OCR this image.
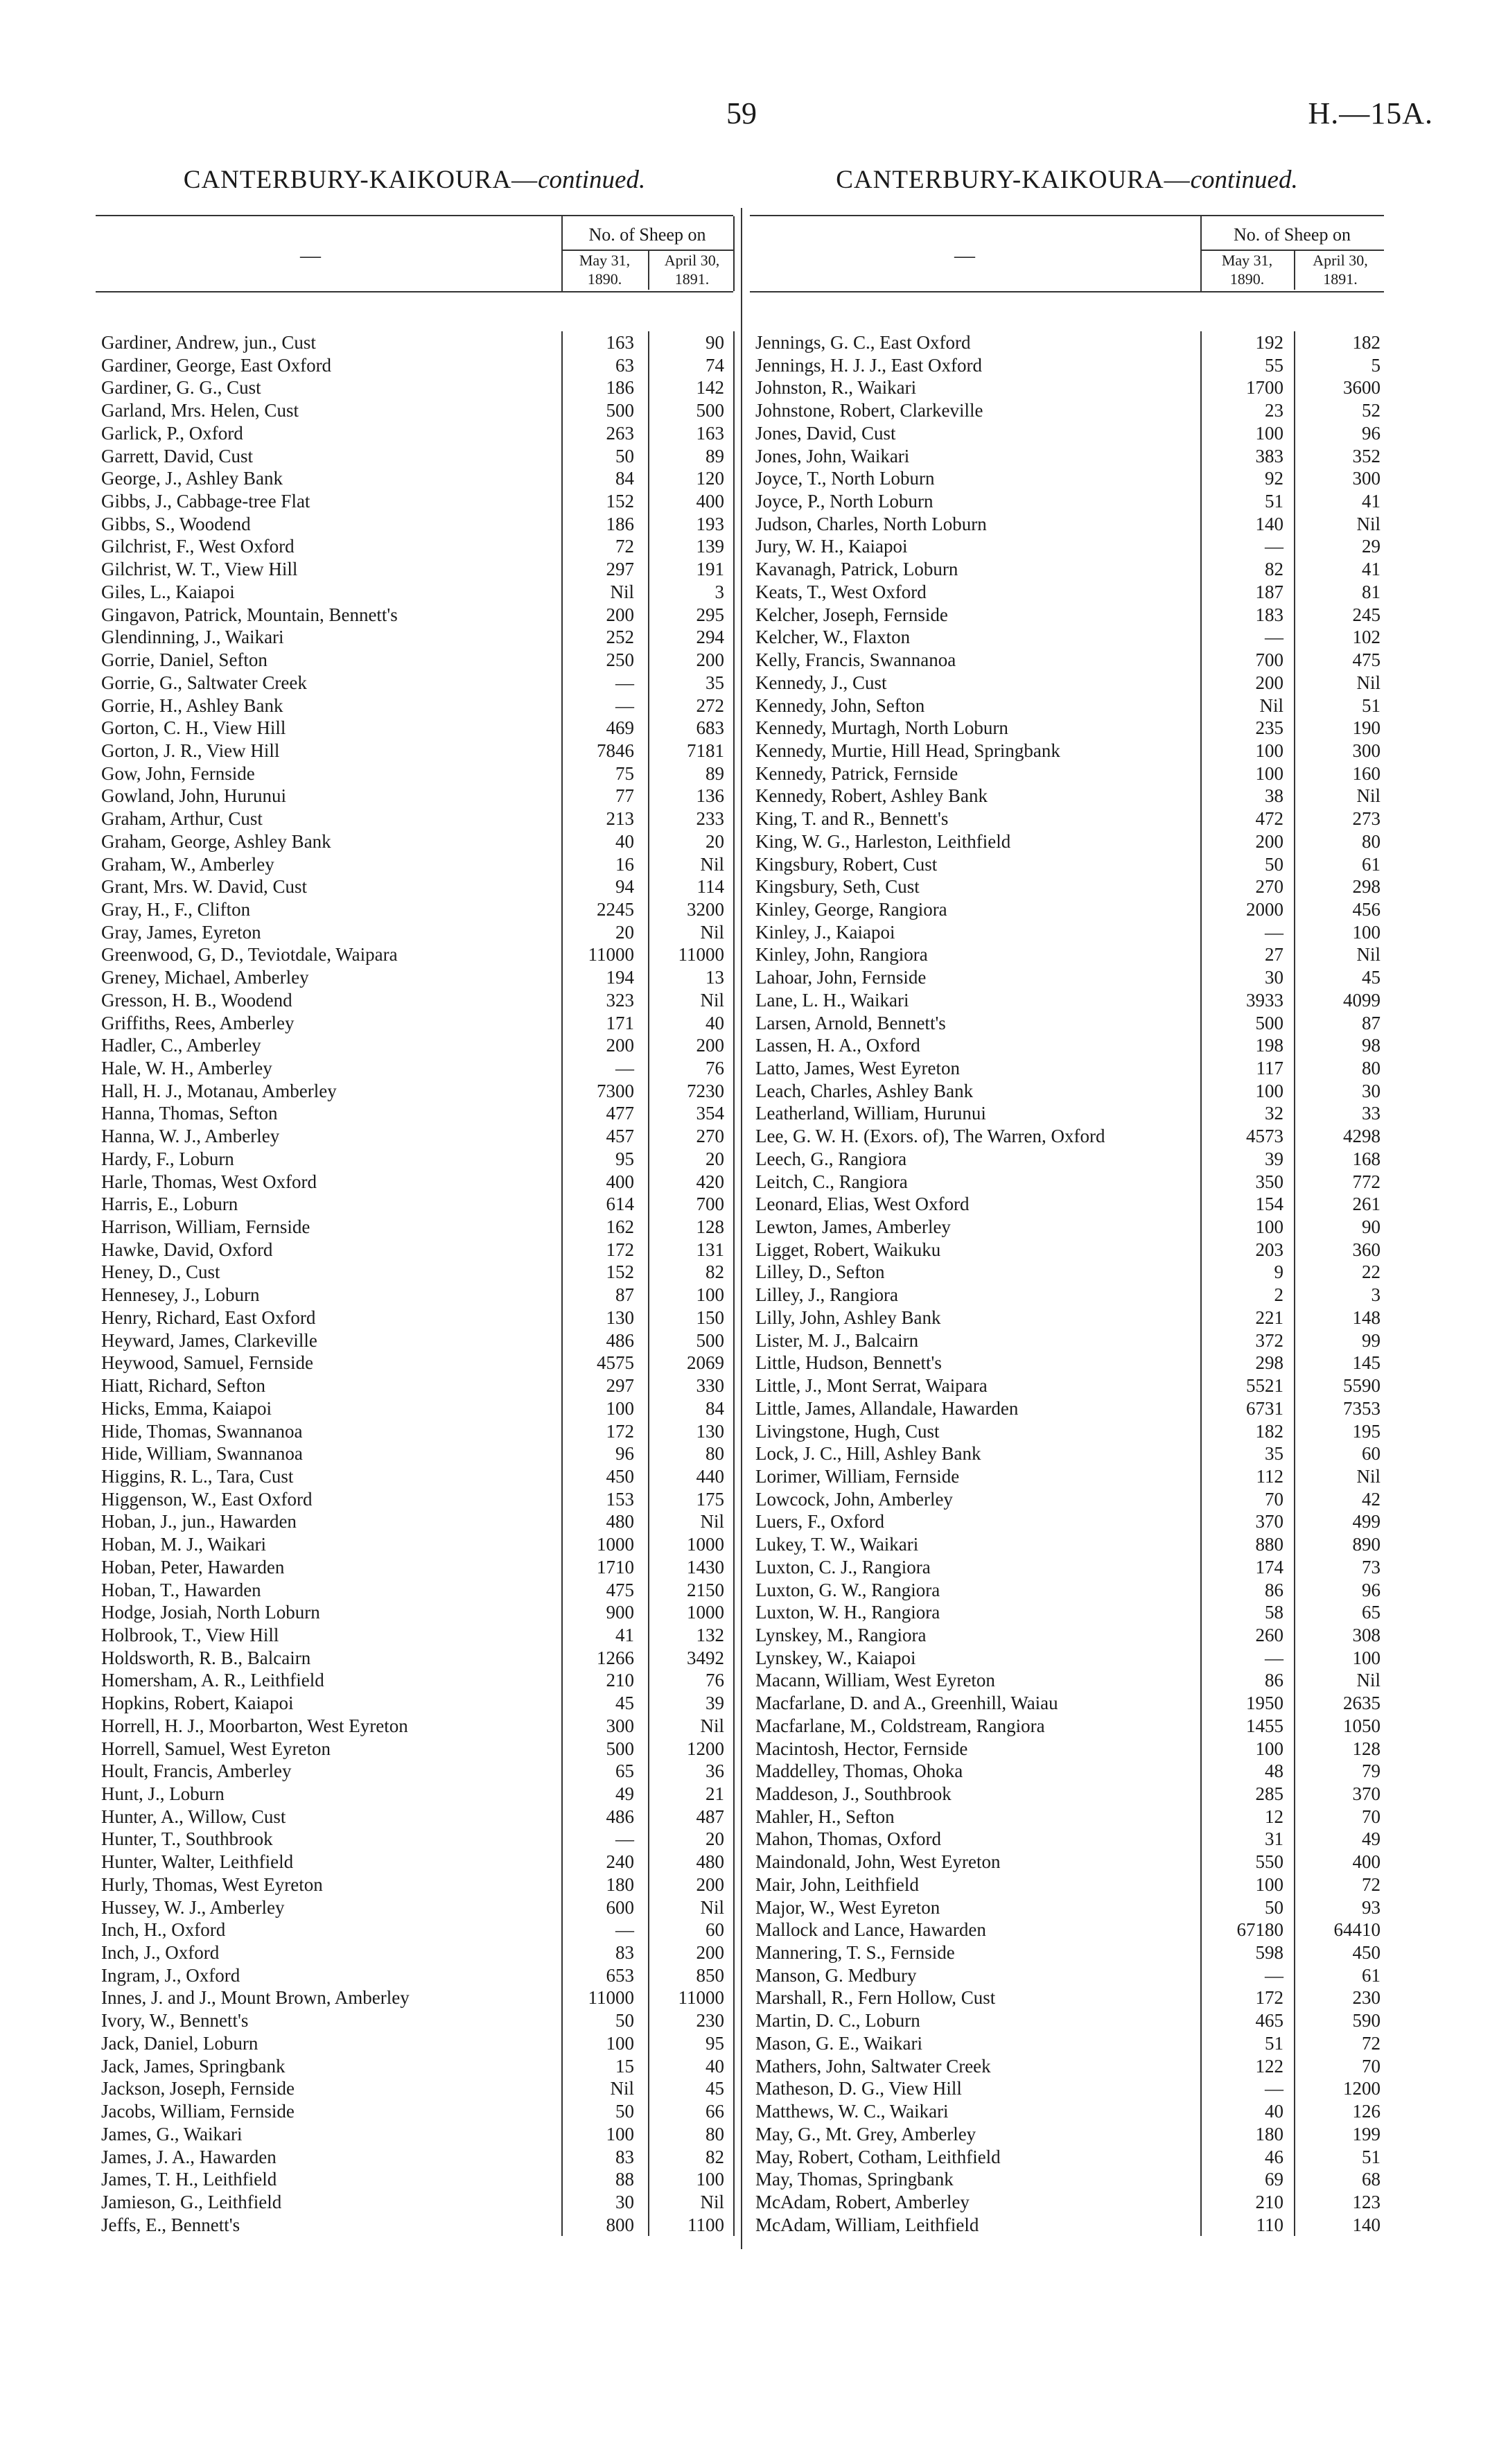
59	H.—15A.
CANTERBURY-KAIKOURA—continued.
—
No. of Sheep on
May 31,
1890.
April 30,
1891.
Gardiner, Andrew, jun., Cust	163	90
Gardiner, George, East Oxford	63	74
Gardiner, G. G., Cust	186	142
Garland, Mrs. Helen, Cust	500	500
Garlick, P., Oxford	263	163
Garrett, David, Cust	50	89
George, J., Ashley Bank	84	120
Gibbs, J., Cabbage-tree Flat	152	400
Gibbs, S., Woodend	186	193
Gilchrist, F., West Oxford	72	139
Gilchrist, W. T., View Hill	297	191
Giles, L., Kaiapoi	Nil	3
Gingavon, Patrick, Mountain, Bennett's	200	295
Glendinning, J., Waikari	252	294
Gorrie, Daniel, Sefton	250	200
Gorrie, G., Saltwater Creek	—	35
Gorrie, H., Ashley Bank	—	272
Gorton, C. H., View Hill	469	683
Gorton, J. R., View Hill	7846	7181
Gow, John, Fernside	75	89
Gowland, John, Hurunui	77	136
Graham, Arthur, Cust	213	233
Graham, George, Ashley Bank	40	20
Graham, W., Amberley	16	Nil
Grant, Mrs. W. David, Cust	94	114
Gray, H., F., Clifton	2245	3200
Gray, James, Eyreton	20	Nil
Greenwood, G, D., Teviotdale, Waipara	11000	11000
Greney, Michael, Amberley	194	13
Gresson, H. B., Woodend	323	Nil
Griffiths, Rees, Amberley	171	40
Hadler, C., Amberley	200	200
Hale, W. H., Amberley	—	76
Hall, H. J., Motanau, Amberley	7300	7230
Hanna, Thomas, Sefton	477	354
Hanna, W. J., Amberley	457	270
Hardy, F., Loburn	95	20
Harle, Thomas, West Oxford	400	420
Harris, E., Loburn	614	700
Harrison, William, Fernside	162	128
Hawke, David, Oxford	172	131
Heney, D., Cust	152	82
Hennesey, J., Loburn	87	100
Henry, Richard, East Oxford	130	150
Heyward, James, Clarkeville	486	500
Heywood, Samuel, Fernside	4575	2069
Hiatt, Richard, Sefton	297	330
Hicks, Emma, Kaiapoi	100	84
Hide, Thomas, Swannanoa	172	130
Hide, William, Swannanoa	96	80
Higgins, R. L., Tara, Cust	450	440
Higgenson, W., East Oxford	153	175
Hoban, J., jun., Hawarden	480	Nil
Hoban, M. J., Waikari	1000	1000
Hoban, Peter, Hawarden	1710	1430
Hoban, T., Hawarden	475	2150
Hodge, Josiah, North Loburn	900	1000
Holbrook, T., View Hill	41	132
Holdsworth, R. B., Balcairn	1266	3492
Homersham, A. R., Leithfield	210	76
Hopkins, Robert, Kaiapoi	45	39
Horrell, H. J., Moorbarton, West Eyreton	300	Nil
Horrell, Samuel, West Eyreton	500	1200
Hoult, Francis, Amberley	65	36
Hunt, J., Loburn	49	21
Hunter, A., Willow, Cust	486	487
Hunter, T., Southbrook	—	20
Hunter, Walter, Leithfield	240	480
Hurly, Thomas, West Eyreton	180	200
Hussey, W. J., Amberley	600	Nil
Inch, H., Oxford	—	60
Inch, J., Oxford	83	200
Ingram, J., Oxford	653	850
Innes, J. and J., Mount Brown, Amberley	11000	11000
Ivory, W., Bennett's	50	230
Jack, Daniel, Loburn	100	95
Jack, James, Springbank	15	40
Jackson, Joseph, Fernside	Nil	45
Jacobs, William, Fernside	50	66
James, G., Waikari	100	80
James, J. A., Hawarden	83	82
James, T. H., Leithfield	88	100
Jamieson, G., Leithfield	30	Nil
Jeffs, E., Bennett's	800	1100
CANTERBURY-KAIKOURA—continued.
—
No. of Sheep on
May 31,
1890.
April 30,
1891.
Jennings, G. C., East Oxford	192	182
Jennings, H. J. J., East Oxford	55	5
Johnston, R., Waikari	1700	3600
Johnstone, Robert, Clarkeville	23	52
Jones, David, Cust	100	96
Jones, John, Waikari	383	352
Joyce, T., North Loburn	92	300
Joyce, P., North Loburn	51	41
Judson, Charles, North Loburn	140	Nil
Jury, W. H., Kaiapoi	—	29
Kavanagh, Patrick, Loburn	82	41
Keats, T., West Oxford	187	81
Kelcher, Joseph, Fernside	183	245
Kelcher, W., Flaxton	—	102
Kelly, Francis, Swannanoa	700	475
Kennedy, J., Cust	200	Nil
Kennedy, John, Sefton	Nil	51
Kennedy, Murtagh, North Loburn	235	190
Kennedy, Murtie, Hill Head, Springbank	100	300
Kennedy, Patrick, Fernside	100	160
Kennedy, Robert, Ashley Bank	38	Nil
King, T. and R., Bennett's	472	273
King, W. G., Harleston, Leithfield	200	80
Kingsbury, Robert, Cust	50	61
Kingsbury, Seth, Cust	270	298
Kinley, George, Rangiora	2000	456
Kinley, J., Kaiapoi	—	100
Kinley, John, Rangiora	27	Nil
Lahoar, John, Fernside	30	45
Lane, L. H., Waikari	3933	4099
Larsen, Arnold, Bennett's	500	87
Lassen, H. A., Oxford	198	98
Latto, James, West Eyreton	117	80
Leach, Charles, Ashley Bank	100	30
Leatherland, William, Hurunui	32	33
Lee, G. W. H. (Exors. of), The Warren, Oxford	4573	4298
Leech, G., Rangiora	39	168
Leitch, C., Rangiora	350	772
Leonard, Elias, West Oxford	154	261
Lewton, James, Amberley	100	90
Ligget, Robert, Waikuku	203	360
Lilley, D., Sefton	9	22
Lilley, J., Rangiora	2	3
Lilly, John, Ashley Bank	221	148
Lister, M. J., Balcairn	372	99
Little, Hudson, Bennett's	298	145
Little, J., Mont Serrat, Waipara	5521	5590
Little, James, Allandale, Hawarden	6731	7353
Livingstone, Hugh, Cust	182	195
Lock, J. C., Hill, Ashley Bank	35	60
Lorimer, William, Fernside	112	Nil
Lowcock, John, Amberley	70	42
Luers, F., Oxford	370	499
Lukey, T. W., Waikari	880	890
Luxton, C. J., Rangiora	174	73
Luxton, G. W., Rangiora	86	96
Luxton, W. H., Rangiora	58	65
Lynskey, M., Rangiora	260	308
Lynskey, W., Kaiapoi	—	100
Macann, William, West Eyreton	86	Nil
Macfarlane, D. and A., Greenhill, Waiau	1950	2635
Macfarlane, M., Coldstream, Rangiora	1455	1050
Macintosh, Hector, Fernside	100	128
Maddelley, Thomas, Ohoka	48	79
Maddeson, J., Southbrook	285	370
Mahler, H., Sefton	12	70
Mahon, Thomas, Oxford	31	49
Maindonald, John, West Eyreton	550	400
Mair, John, Leithfield	100	72
Major, W., West Eyreton	50	93
Mallock and Lance, Hawarden	67180	64410
Mannering, T. S., Fernside	598	450
Manson, G. Medbury	—	61
Marshall, R., Fern Hollow, Cust	172	230
Martin, D. C., Loburn	465	590
Mason, G. E., Waikari	51	72
Mathers, John, Saltwater Creek	122	70
Matheson, D. G., View Hill	—	1200
Matthews, W. C., Waikari	40	126
May, G., Mt. Grey, Amberley	180	199
May, Robert, Cotham, Leithfield	46	51
May, Thomas, Springbank	69	68
McAdam, Robert, Amberley	210	123
McAdam, William, Leithfield	110	140
